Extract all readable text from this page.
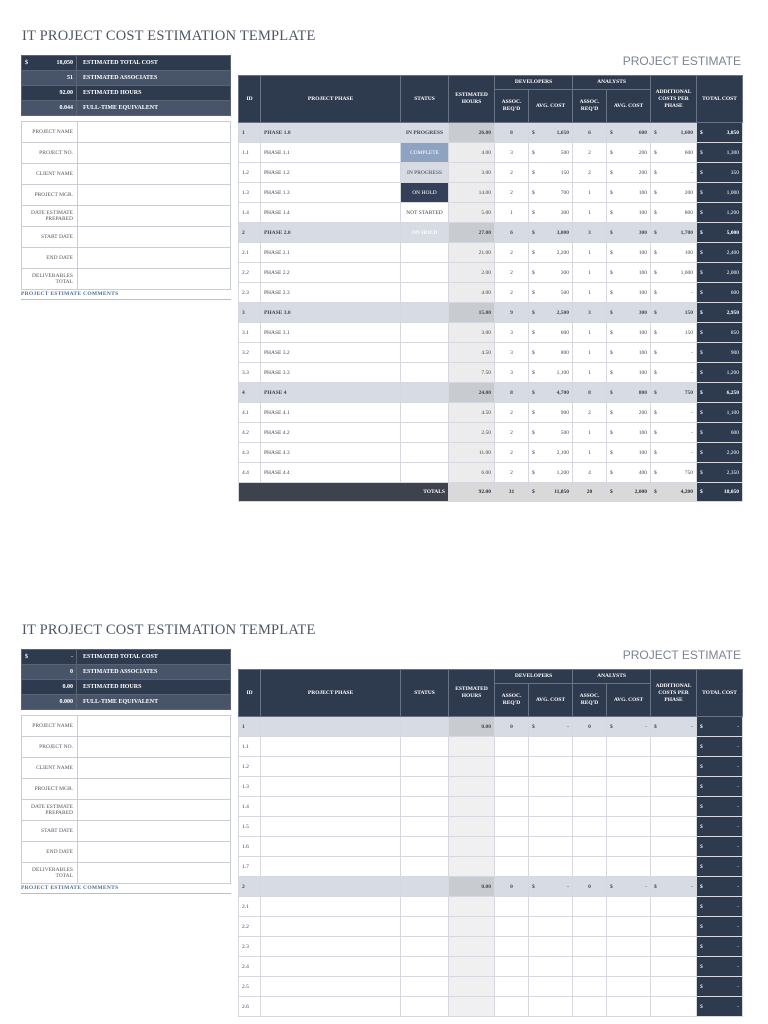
IT PROJECT COST ESTIMATION TEMPLATE
PROJECT ESTIMATE
$ 18,050	ESTIMATED TOTAL COST

51	ESTIMATED ASSOCIATES

92.00	ESTIMATED HOURS

0.044	FULL-TIME EQUIVALENT
PROJECT NAME	
PROJECT NO.	
CLIENT NAME	
PROJECT MGR.	
DATE ESTIMATE PREPARED	
START DATE	
END DATE	
DELIVERABLES TOTAL	
PROJECT ESTIMATE COMMENTS
ID	PROJECT PHASE	STATUS	ESTIMATED HOURS	DEVELOPERS		ANALYSTS		ADDITIONAL COSTS PER PHASE	TOTAL COST
				ASSOC. REQ'D	AVG. COST	ASSOC. REQ'D	AVG. COST		
1	PHASE 1.0	IN PROGRESS	26.00	8	$ 1,650	6	$ 600	$ 1,600	$ 3,850
1.1	PHASE 1.1	COMPLETE	4.00	3	$ 500	2	$ 200	$ 600	$ 1,300
1.2	PHASE 1.2	IN PROGRESS	3.00	2	$ 150	2	$ 200	$ -	$ 350
1.3	PHASE 1.3	ON HOLD	14.00	2	$ 700	1	$ 100	$ 200	$ 1,000
1.4	PHASE 1.4	NOT STARTED	5.00	1	$ 300	1	$ 100	$ 800	$ 1,200
2	PHASE 2.0	ON HOLD	27.00	6	$ 3,000	3	$ 300	$ 1,700	$ 5,000
2.1	PHASE 2.1		21.00	2	$ 2,200	1	$ 100	$ 100	$ 2,400
2.2	PHASE 2.2		2.00	2	$ 300	1	$ 100	$ 1,600	$ 2,000
2.3	PHASE 2.3		4.00	2	$ 500	1	$ 100	$ -	$ 600
3	PHASE 3.0		15.00	9	$ 2,500	3	$ 300	$ 150	$ 2,950
3.1	PHASE 3.1		3.00	3	$ 600	1	$ 100	$ 150	$ 850
3.2	PHASE 3.2		4.50	3	$ 800	1	$ 100	$ -	$ 900
3.3	PHASE 3.3		7.50	3	$ 1,100	1	$ 100	$ -	$ 1,200
4	PHASE 4		24.00	8	$ 4,700	8	$ 800	$ 750	$ 6,250
4.1	PHASE 4.1		4.50	2	$ 900	2	$ 200	$ -	$ 1,100
4.2	PHASE 4.2		2.50	2	$ 500	1	$ 100	$ -	$ 600
4.3	PHASE 4.3		11.00	2	$ 2,100	1	$ 100	$ -	$ 2,200
4.4	PHASE 4.4		6.00	2	$ 1,200	4	$ 400	$ 750	$ 2,350
TOTALS			92.00	31	$ 11,850	20	$ 2,000	$ 4,200	$ 18,050
IT PROJECT COST ESTIMATION TEMPLATE
PROJECT ESTIMATE
$ -	ESTIMATED TOTAL COST

0	ESTIMATED ASSOCIATES

0.00	ESTIMATED HOURS

0.000	FULL-TIME EQUIVALENT
PROJECT NAME	
PROJECT NO.	
CLIENT NAME	
PROJECT MGR.	
DATE ESTIMATE PREPARED	
START DATE	
END DATE	
DELIVERABLES TOTAL	
PROJECT ESTIMATE COMMENTS
ID	PROJECT PHASE	STATUS	ESTIMATED HOURS	DEVELOPERS		ANALYSTS		ADDITIONAL COSTS PER PHASE	TOTAL COST
				ASSOC. REQ'D	AVG. COST	ASSOC. REQ'D	AVG. COST		
1			0.00	0	$ -	0	$ -	$ -	$ -
1.1									$ -
1.2									$ -
1.3									$ -
1.4									$ -
1.5									$ -
1.6									$ -
1.7									$ -
2			0.00	0	$ -	0	$ -	$ -	$ -
2.1									$ -
2.2									$ -
2.3									$ -
2.4									$ -
2.5									$ -
2.6									$ -
